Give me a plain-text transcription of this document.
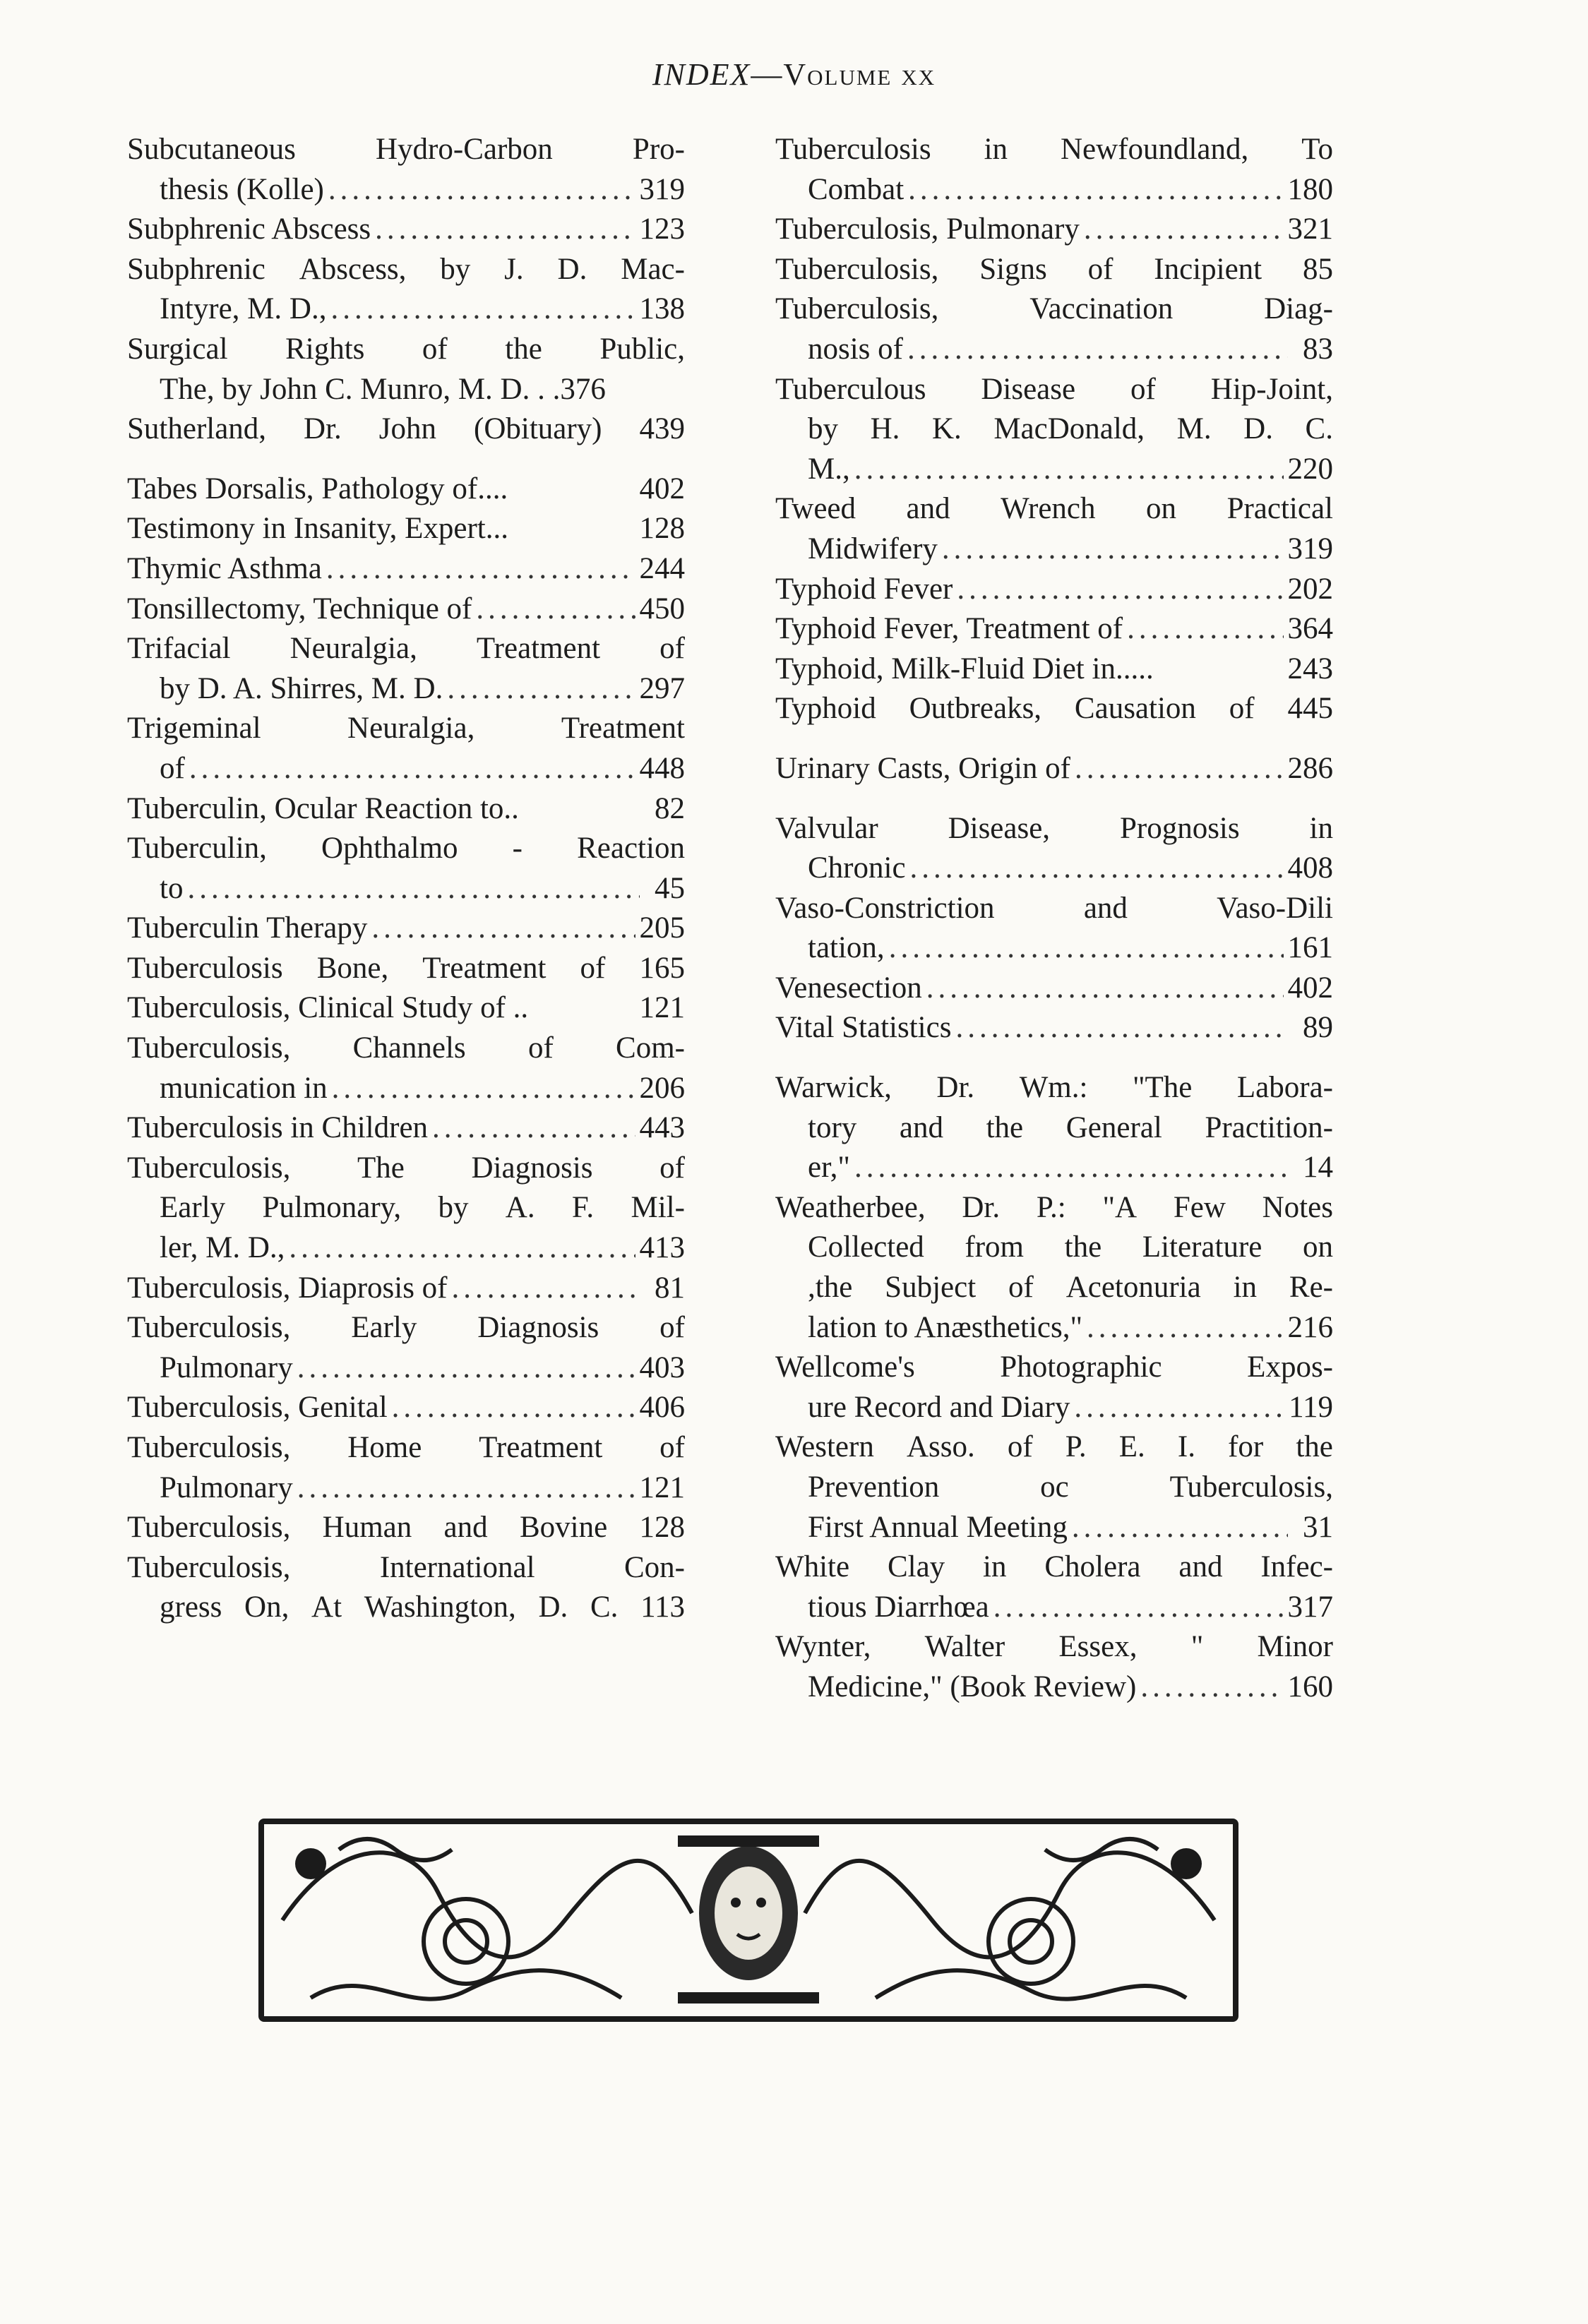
INDEX—Volume xx
Subcutaneous	Hydro-Carbon	Pro-
thesis (Kolle) .....	319
Subphrenic Abscess .....	123
Subphrenic Abscess, by J. D. Mac-
Intyre, M. D., .....	138
Surgical Rights of the Public,
The, by John C. Munro, M. D. . .376
Sutherland, Dr. John (Obituary) 439
Tabes Dorsalis, Pathology of....	402
Testimony in Insanity, Expert...	128
Thymic Asthma .....	244
Tonsillectomy, Technique of .....	450
Trifacial Neuralgia, Treatment of
by D. A. Shirres, M. D. .....	297
Trigeminal	Neuralgia,	Treatment
of .....	448
Tuberculin, Ocular Reaction to..	82
Tuberculin, Ophthalmo - Reaction
to .....	45
Tuberculin Therapy .....	205
Tuberculosis Bone, Treatment of 165
Tuberculosis, Clinical Study of ..	121
Tuberculosis, Channels of Com-
munication in .....	206
Tuberculosis in Children .....	443
Tuberculosis, The Diagnosis of
Early Pulmonary, by A. F. Mil-
ler, M. D., .....	413
Tuberculosis, Diaprosis of .....	81
Tuberculosis, Early Diagnosis of
Pulmonary .....	403
Tuberculosis, Genital .....	406
Tuberculosis, Home Treatment of
Pulmonary .....	121
Tuberculosis, Human and Bovine 128
Tuberculosis,	International	Con-
gress On, At Washington, D. C. 113
Tuberculosis in Newfoundland, To
Combat .....	180
Tuberculosis, Pulmonary .....	321
Tuberculosis, Signs of Incipient 85
Tuberculosis,	Vaccination	Diag-
nosis of .....	83
Tuberculous Disease of Hip-Joint,
by H. K. MacDonald, M. D. C.
M., .....	220
Tweed and Wrench on Practical
Midwifery .....	319
Typhoid Fever .....	202
Typhoid Fever, Treatment of .....	364
Typhoid, Milk-Fluid Diet in.....	243
Typhoid Outbreaks, Causation of 445
Urinary Casts, Origin of .....	286
Valvular Disease, Prognosis in
Chronic .....	408
Vaso-Constriction	and	Vaso-Dili
tation, .....	161
Venesection .....	402
Vital Statistics .....	89
Warwick, Dr. Wm.: "The Labora-
tory and the General Practition-
er," .....	14
Weatherbee, Dr. P.: "A Few Notes
Collected from the Literature on
,the Subject of Acetonuria in Re-
lation to Anæsthetics," .....	216
Wellcome's	Photographic	Expos-
ure Record and Diary .....	119
Western Asso. of P. E. I. for the
Prevention	oc	Tuberculosis,
First Annual Meeting .....	31
White Clay in Cholera and Infec-
tious Diarrhœa .....	317
Wynter, Walter Essex, " Minor
Medicine," (Book Review) .....	160
